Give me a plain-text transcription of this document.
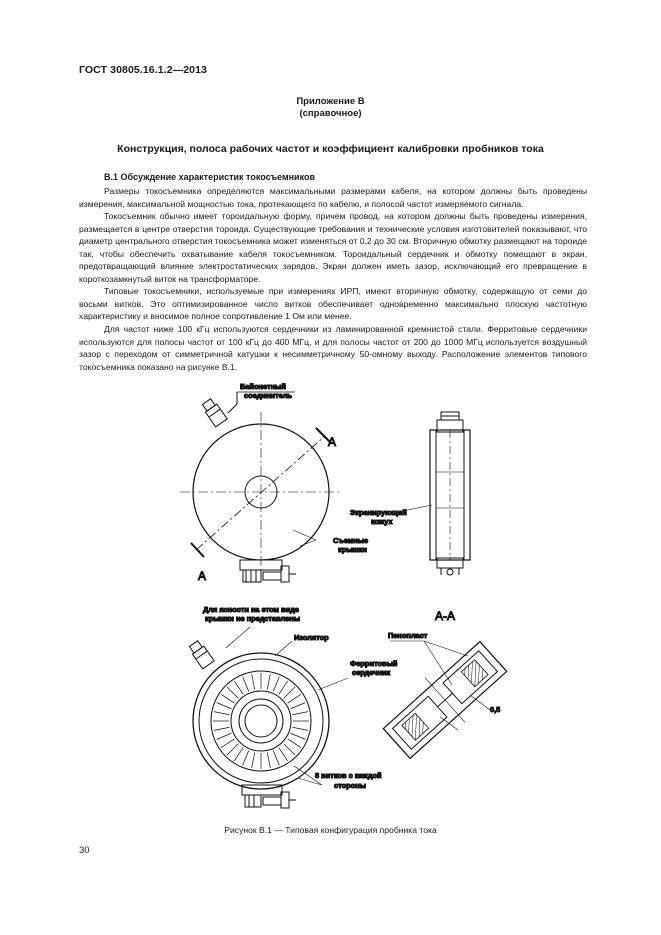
ГОСТ 30805.16.1.2—2013
Приложение В
(справочное)
Конструкция, полоса рабочих частот и коэффициент калибровки пробников тока
В.1 Обсуждение характеристик токосъемников

Размеры токосъемника определяются максимальными размерами кабеля, на котором должны быть проведены измерения, максимальной мощностью тока, протекающего по кабелю, и полосой частот измеряемого сигнала.

Токосъемник обычно имеет тороидальную форму, причем провод, на котором должны быть проведены измерения, размещается в центре отверстия тороида. Существующие требования и технические условия изготовителей показывают, что диаметр центрального отверстия токосъемника может изменяться от 0,2 до 30 см. Вторичную обмотку размещают на тороиде так, чтобы обеспечить охватывание кабеля токосъемником. Тороидальный сердечник и обмотку помещают в экран, предотвращающий влияние электростатических зарядов. Экран должен иметь зазор, исключающий его превращение в короткозамкнутый виток на трансформаторе.

Типовые токосъемники, используемые при измерениях ИРП, имеют вторичную обмотку, содержащую от семи до восьми витков. Это оптимизированное число витков обеспечивает одновременно максимально плоскую частотную характеристику и вносимое полное сопротивление 1 Ом или менее.

Для частот ниже 100 кГц используются сердечники из ламинированной кремнистой стали. Ферритовые сердечники используются для полосы частот от 100 кГц до 400 МГц, и для полосы частот от 200 до 1000 МГц используется воздушный зазор с переходом от симметричной катушки к несимметричному 50-омному выходу. Расположение элементов типового токосъемника показано на рисунке В.1.

Байонетный
соединитель
A
A
Съемные
крышки
Экранирующий
кожух
Для ясности на этом виде
крышки не представлены
Изолятор
Ферритовый
сердечник
8 витков с каждой
стороны
А-А
Пенопласт
0,5
Рисунок В.1 — Типовая конфигурация пробника тока
30
